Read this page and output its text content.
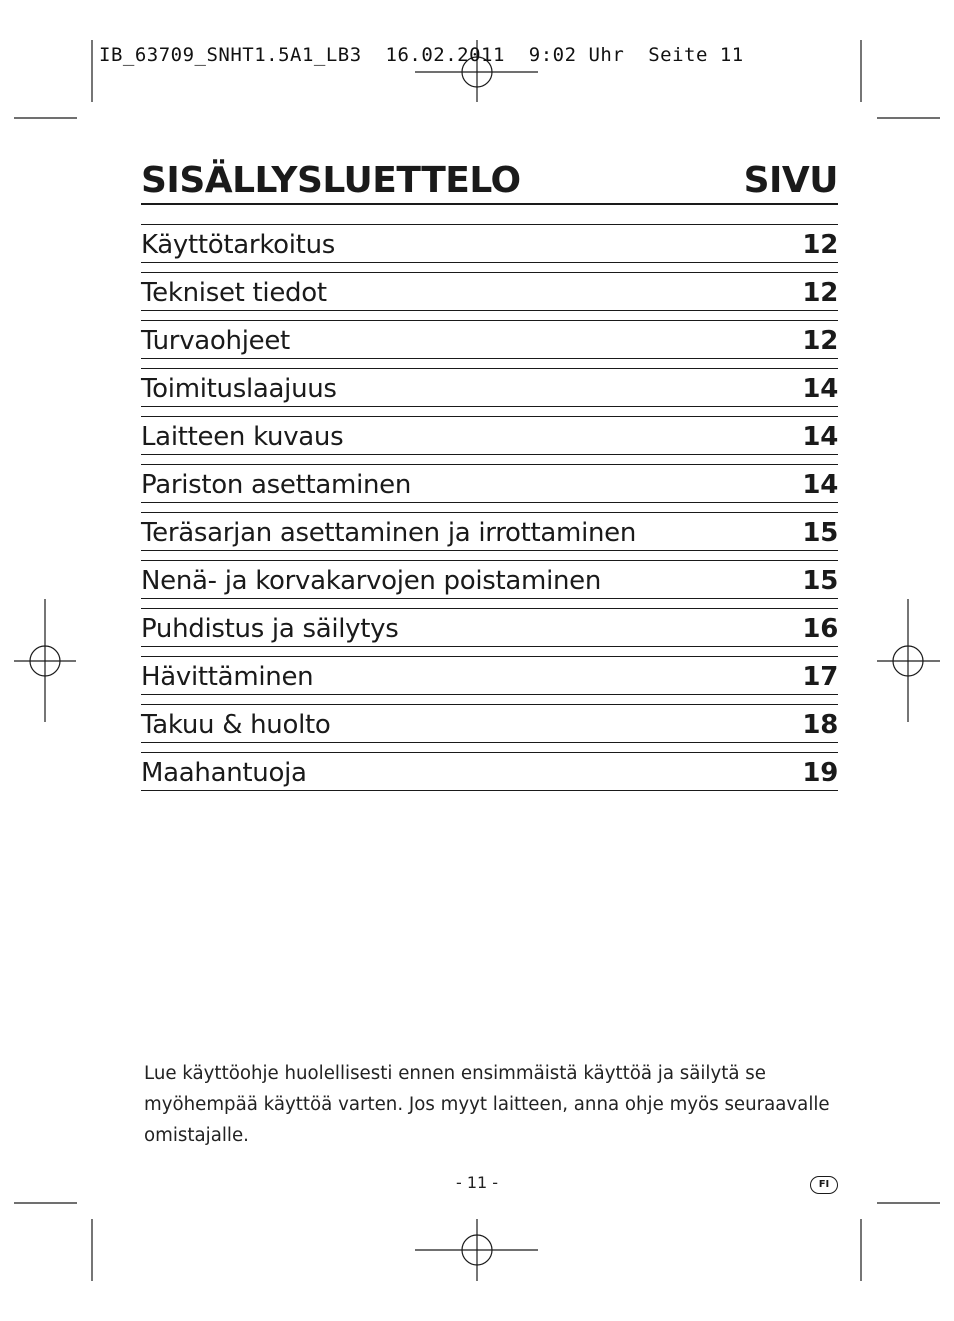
IB_63709_SNHT1.5A1_LB3  16.02.2011  9:02 Uhr  Seite 11
SISÄLLYSLUETTELO	SIVU
Käyttötarkoitus	12
Tekniset tiedot	12
Turvaohjeet	12
Toimituslaajuus	14
Laitteen kuvaus	14
Pariston asettaminen	14
Teräsarjan asettaminen ja irrottaminen	15
Nenä- ja korvakarvojen poistaminen	15
Puhdistus ja säilytys	16
Hävittäminen	17
Takuu & huolto	18
Maahantuoja	19

Lue käyttöohje huolellisesti ennen ensimmäistä käyttöä ja säilytä se myöhempää käyttöä varten. Jos myyt laitteen, anna ohje myös seuraavalle omistajalle.

- 11 -	FI
